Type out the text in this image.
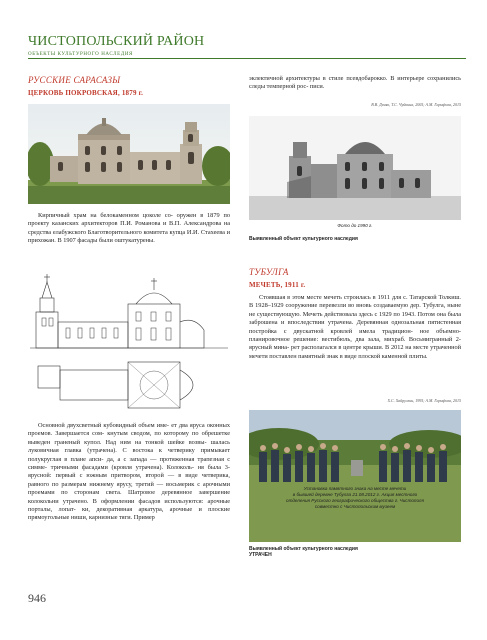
ЧИСТОПОЛЬСКИЙ РАЙОН
ОБЪЕКТЫ КУЛЬТУРНОГО НАСЛЕДИЯ
РУССКИЕ САРАСАЗЫ
ЦЕРКОВЬ ПОКРОВСКАЯ, 1879 г.
Кирпичный храм на белокаменном цоколе со- оружен в 1879 по проекту казанских архитекторов П.И. Романова и В.П. Александрова на средства елабужского Благотворительного комитета купца И.И. Стахеева и прихожан. В 1907 фасады были оштукатурены.
Основной двухсветный кубовидный объем име- ет два яруса оконных проемов. Завершается сом- кнутым сводом, по которому по обрешетке выведен граненый купол. Над ним на тонкой шейке возвы- шалась луковичная главка (утрачена). С востока к четверику примыкает полукруглая в плане апси- да, а с запада — протяженная трапезная с симме- тричными фасадами (кровля утрачена). Колоколь- ня была 3-ярусной: первый с южным притвором, второй — в виде четверика, равного по размерам нижнему ярусу, третий — восьмерик с арочными проемами по сторонам света. Шатровое деревянное завершение колокольни утрачено. В оформлении фасадов используются: арочные порталы, лопат- ки, декоративная аркатура, арочные и плоские прямоугольные ниши, карнизные тяги. Пример
946
эклектичной архитектуры в стиле псевдобарокко. В интерьере сохранились следы темперной рос- писи.
В.В. Деняк, Т.С. Чуйкина, 2005; А.М. Гарифова, 2015
Фото до 1990 г.
Выявленный объект культурного наследия
ТУБУЛГА
МЕЧЕТЬ, 1911 г.
Стоявшая в этом месте мечеть строилась в 1911 для с. Татарской Толкиш. В 1928–1929 сооружение перевезли во вновь создаваемую дер. Тубулга, ныне не существующую. Мечеть действовала здесь с 1929 по 1943. Потом она была заброшена и впоследствии утрачена. Деревянная однозальная пятистенная постройка с двускатной кровлей имела традицион- ное объемно-планировочное решение: вестибюль, два зала, михраб. Восьмигранный 2-ярусный мина- рет располагался в центре крыши. В 2012 на месте утраченной мечети поставлен памятный знак в виде плоской каменной плиты.
Х.С. Хайруллин, 1995; А.М. Гарифова, 2015
Установка памятного знака на месте мечети
в бывшей деревне Тубулга 21.08.2012 г. Акция местного
отделения Русского географического общества г. Чистополя
совместно с Чистопольским музеем
Выявленный объект культурного наследия
УТРАЧЕН
